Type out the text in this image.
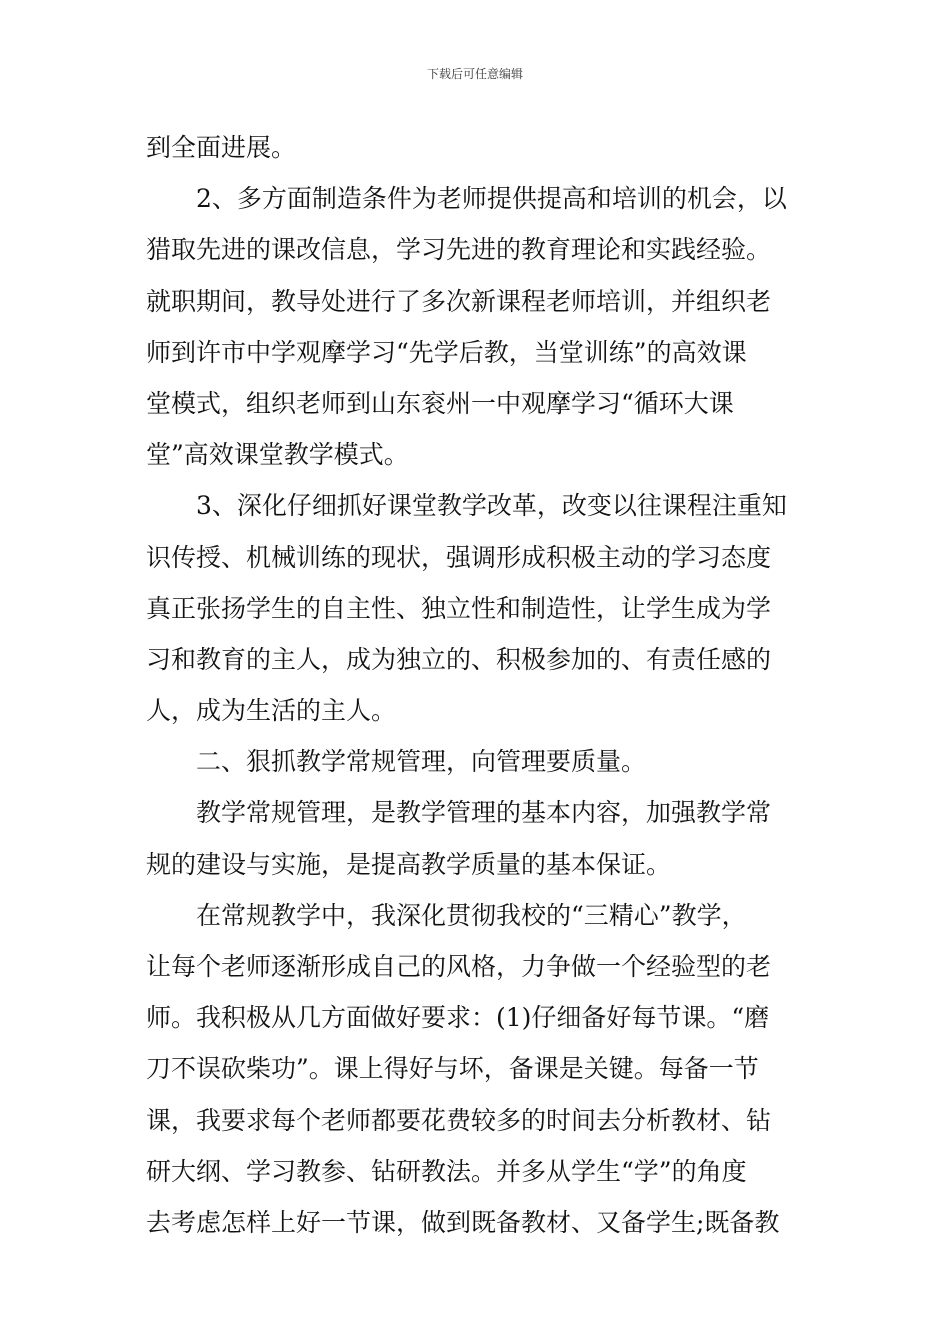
下载后可任意编辑
到全面进展。
2、多方面制造条件为老师提供提高和培训的机会，以
猎取先进的课改信息，学习先进的教育理论和实践经验。
就职期间，教导处进行了多次新课程老师培训，并组织老
师到许市中学观摩学习“先学后教，当堂训练”的高效课
堂模式，组织老师到山东衮州一中观摩学习“循环大课
堂”高效课堂教学模式。
3、深化仔细抓好课堂教学改革，改变以往课程注重知
识传授、机械训练的现状，强调形成积极主动的学习态度
真正张扬学生的自主性、独立性和制造性，让学生成为学
习和教育的主人，成为独立的、积极参加的、有责任感的
人，成为生活的主人。
二、狠抓教学常规管理，向管理要质量。
教学常规管理，是教学管理的基本内容，加强教学常
规的建设与实施，是提高教学质量的基本保证。
在常规教学中，我深化贯彻我校的“三精心”教学，
让每个老师逐渐形成自己的风格，力争做一个经验型的老
师。我积极从几方面做好要求：(1)仔细备好每节课。“磨
刀不误砍柴功”。课上得好与坏，备课是关键。每备一节
课，我要求每个老师都要花费较多的时间去分析教材、钻
研大纲、学习教参、钻研教法。并多从学生“学”的角度
去考虑怎样上好一节课，做到既备教材、又备学生;既备教
